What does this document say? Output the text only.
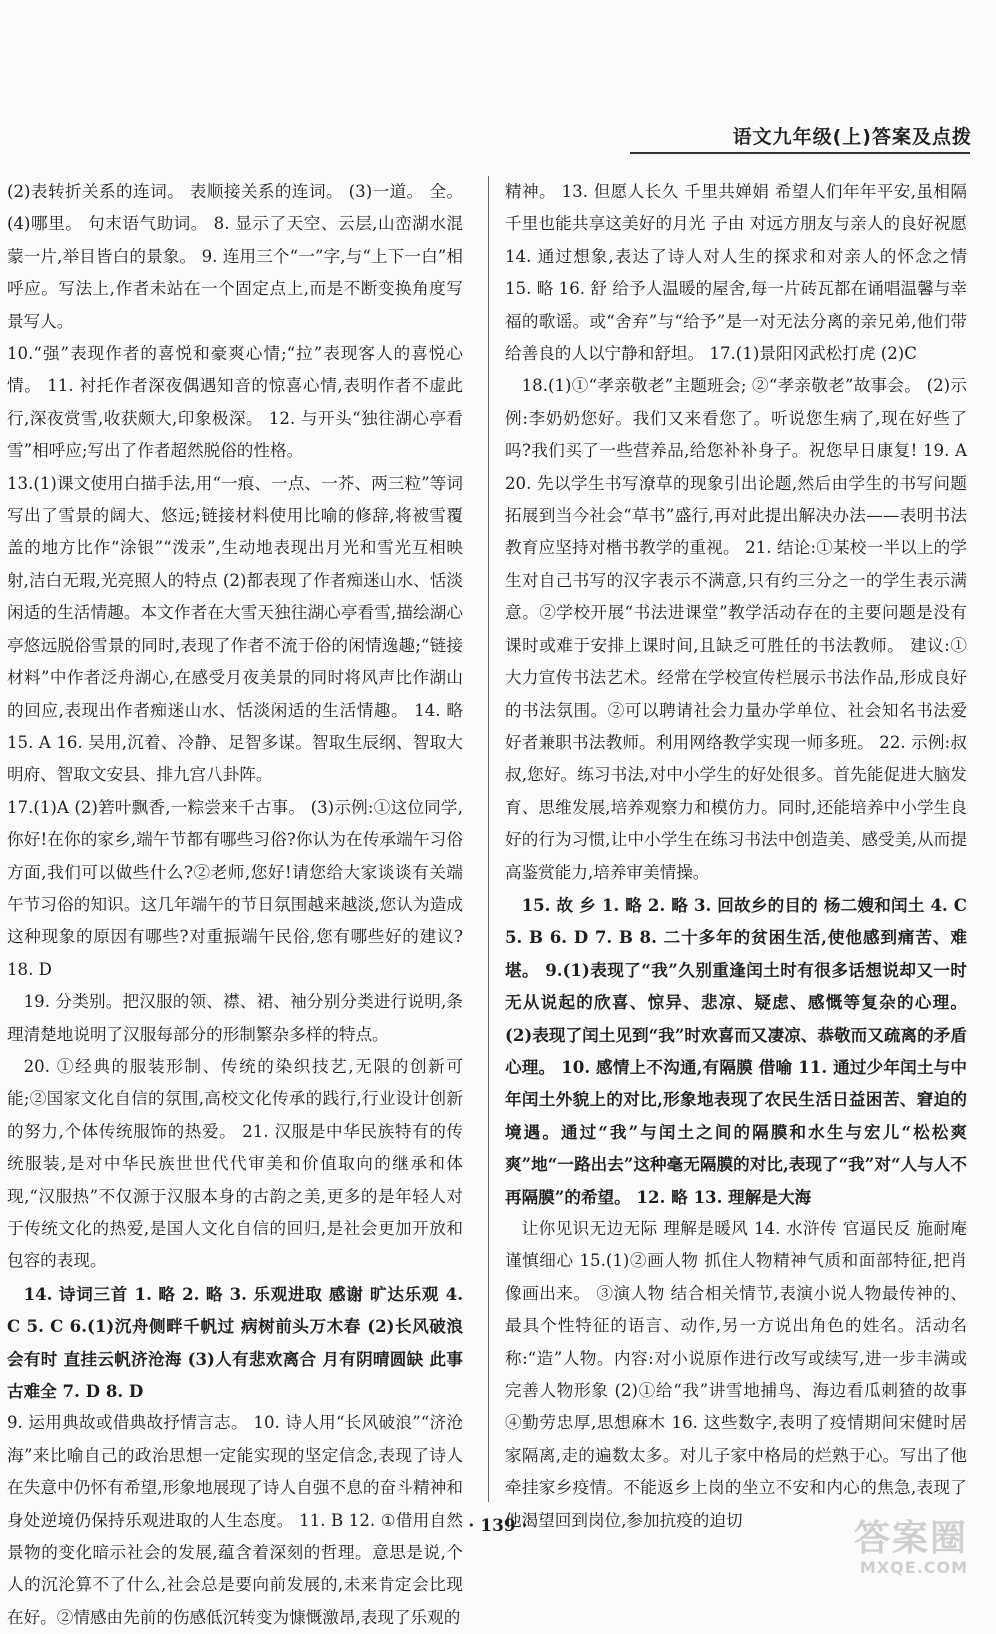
语文九年级(上)答案及点拨

(2)表转折关系的连词。 表顺接关系的连词。 (3)一道。 全。 (4)哪里。 句末语气助词。 8. 显示了天空、云层,山峦湖水混蒙一片,举目皆白的景象。 9. 连用三个“一”字,与“上下一白”相呼应。写法上,作者未站在一个固定点上,而是不断变换角度写景写人。

10.“强”表现作者的喜悦和豪爽心情;“拉”表现客人的喜悦心情。 11. 衬托作者深夜偶遇知音的惊喜心情,表明作者不虚此行,深夜赏雪,收获颇大,印象极深。 12. 与开头“独往湖心亭看雪”相呼应;写出了作者超然脱俗的性格。

13.(1)课文使用白描手法,用“一痕、一点、一芥、两三粒”等词写出了雪景的阔大、悠远;链接材料使用比喻的修辞,将被雪覆盖的地方比作“涂银”“泼汞”,生动地表现出月光和雪光互相映射,洁白无瑕,光亮照人的特点 (2)都表现了作者痴迷山水、恬淡闲适的生活情趣。本文作者在大雪天独往湖心亭看雪,描绘湖心亭悠远脱俗雪景的同时,表现了作者不流于俗的闲情逸趣;“链接材料”中作者泛舟湖心,在感受月夜美景的同时将风声比作湖山的回应,表现出作者痴迷山水、恬淡闲适的生活情趣。 14. 略 15. A 16. 吴用,沉着、冷静、足智多谋。智取生辰纲、智取大明府、智取文安县、排九宫八卦阵。

17.(1)A (2)箬叶飘香,一粽尝来千古事。 (3)示例:①这位同学,你好!在你的家乡,端午节都有哪些习俗?你认为在传承端午习俗方面,我们可以做些什么?②老师,您好!请您给大家谈谈有关端午节习俗的知识。这几年端午的节日氛围越来越淡,您认为造成这种现象的原因有哪些?对重振端午民俗,您有哪些好的建议? 18. D

19. 分类别。把汉服的领、襟、裙、袖分别分类进行说明,条理清楚地说明了汉服每部分的形制繁杂多样的特点。

20. ①经典的服装形制、传统的染织技艺,无限的创新可能;②国家文化自信的氛围,高校文化传承的践行,行业设计创新的努力,个体传统服饰的热爱。 21. 汉服是中华民族特有的传统服装,是对中华民族世世代代审美和价值取向的继承和体现,“汉服热”不仅源于汉服本身的古韵之美,更多的是年轻人对于传统文化的热爱,是国人文化自信的回归,是社会更加开放和包容的表现。

14. 诗词三首 1. 略 2. 略 3. 乐观进取 感谢 旷达乐观 4. C 5. C 6.(1)沉舟侧畔千帆过 病树前头万木春 (2)长风破浪会有时 直挂云帆济沧海 (3)人有悲欢离合 月有阴晴圆缺 此事古难全 7. D 8. D

9. 运用典故或借典故抒情言志。 10. 诗人用“长风破浪”“济沧海”来比喻自己的政治思想一定能实现的坚定信念,表现了诗人在失意中仍怀有希望,形象地展现了诗人自强不息的奋斗精神和身处逆境仍保持乐观进取的人生态度。 11. B 12. ①借用自然景物的变化暗示社会的发展,蕴含着深刻的哲理。意思是说,个人的沉沦算不了什么,社会总是要向前发展的,未来肯定会比现在好。②情感由先前的伤感低沉转变为慷慨激昂,表现了乐观的

精神。 13. 但愿人长久 千里共婵娟 希望人们年年平安,虽相隔千里也能共享这美好的月光 子由 对远方朋友与亲人的良好祝愿 14. 通过想象,表达了诗人对人生的探求和对亲人的怀念之情 15. 略 16. 舒 给予人温暖的屋舍,每一片砖瓦都在诵唱温馨与幸福的歌谣。或“舍弃”与“给予”是一对无法分离的亲兄弟,他们带给善良的人以宁静和舒坦。 17.(1)景阳冈武松打虎 (2)C

18.(1)①“孝亲敬老”主题班会; ②“孝亲敬老”故事会。 (2)示例:李奶奶您好。我们又来看您了。听说您生病了,现在好些了吗?我们买了一些营养品,给您补补身子。祝您早日康复! 19. A 20. 先以学生书写潦草的现象引出论题,然后由学生的书写问题拓展到当今社会“草书”盛行,再对此提出解决办法——表明书法教育应坚持对楷书教学的重视。 21. 结论:①某校一半以上的学生对自己书写的汉字表示不满意,只有约三分之一的学生表示满意。②学校开展“书法进课堂”教学活动存在的主要问题是没有课时或难于安排上课时间,且缺乏可胜任的书法教师。 建议:①大力宣传书法艺术。经常在学校宣传栏展示书法作品,形成良好的书法氛围。②可以聘请社会力量办学单位、社会知名书法爱好者兼职书法教师。利用网络教学实现一师多班。 22. 示例:叔叔,您好。练习书法,对中小学生的好处很多。首先能促进大脑发育、思维发展,培养观察力和模仿力。同时,还能培养中小学生良好的行为习惯,让中小学生在练习书法中创造美、感受美,从而提高鉴赏能力,培养审美情操。

15. 故 乡 1. 略 2. 略 3. 回故乡的目的 杨二嫂和闰土 4. C 5. B 6. D 7. B 8. 二十多年的贫困生活,使他感到痛苦、难堪。 9.(1)表现了“我”久别重逢闰土时有很多话想说却又一时无从说起的欣喜、惊异、悲凉、疑虑、感慨等复杂的心理。 (2)表现了闰土见到“我”时欢喜而又凄凉、恭敬而又疏离的矛盾心理。 10. 感情上不沟通,有隔膜 借喻 11. 通过少年闰土与中年闰土外貌上的对比,形象地表现了农民生活日益困苦、窘迫的境遇。通过“我”与闰土之间的隔膜和水生与宏儿“松松爽爽”地“一路出去”这种毫无隔膜的对比,表现了“我”对“人与人不再隔膜”的希望。 12. 略 13. 理解是大海

让你见识无边无际 理解是暖风 14. 水浒传 官逼民反 施耐庵 谨慎细心 15.(1)②画人物 抓住人物精神气质和面部特征,把肖像画出来。 ③演人物 结合相关情节,表演小说人物最传神的、最具个性特征的语言、动作,另一方说出角色的姓名。活动名称:“造”人物。内容:对小说原作进行改写或续写,进一步丰满或完善人物形象 (2)①给“我”讲雪地捕鸟、海边看瓜刺猹的故事 ④勤劳忠厚,思想麻木 16. 这些数字,表明了疫情期间宋健时居家隔离,走的遍数太多。对儿子家中格局的烂熟于心。写出了他牵挂家乡疫情。不能返乡上岗的坐立不安和内心的焦急,表现了他渴望回到岗位,参加抗疫的迫切

· 139 ·	答案圈
MXQE.COM
